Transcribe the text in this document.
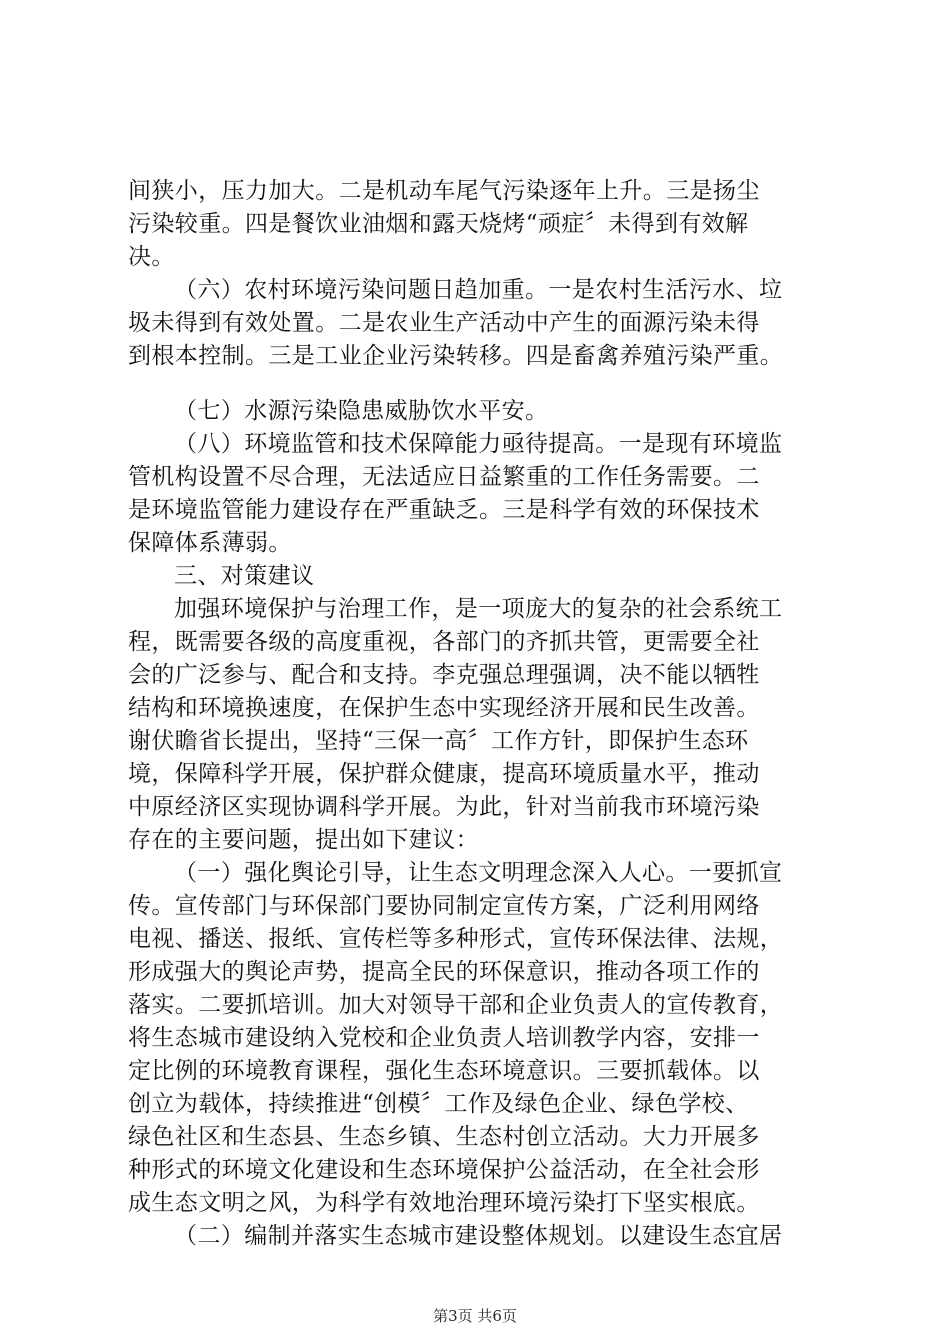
间狭小，压力加大。二是机动车尾气污染逐年上升。三是扬尘
污染较重。四是餐饮业油烟和露天烧烤“顽症〞未得到有效解
决。
（六）农村环境污染问题日趋加重。一是农村生活污水、垃
圾未得到有效处置。二是农业生产活动中产生的面源污染未得
到根本控制。三是工业企业污染转移。四是畜禽养殖污染严重。
（七）水源污染隐患威胁饮水平安。
（八）环境监管和技术保障能力亟待提高。一是现有环境监
管机构设置不尽合理，无法适应日益繁重的工作任务需要。二
是环境监管能力建设存在严重缺乏。三是科学有效的环保技术
保障体系薄弱。
三、对策建议
加强环境保护与治理工作，是一项庞大的复杂的社会系统工
程，既需要各级的高度重视，各部门的齐抓共管，更需要全社
会的广泛参与、配合和支持。李克强总理强调，决不能以牺牲
结构和环境换速度，在保护生态中实现经济开展和民生改善。
谢伏瞻省长提出，坚持“三保一高〞工作方针，即保护生态环
境，保障科学开展，保护群众健康，提高环境质量水平，推动
中原经济区实现协调科学开展。为此，针对当前我市环境污染
存在的主要问题，提出如下建议：
（一）强化舆论引导，让生态文明理念深入人心。一要抓宣
传。宣传部门与环保部门要协同制定宣传方案，广泛利用网络
电视、播送、报纸、宣传栏等多种形式，宣传环保法律、法规，
形成强大的舆论声势，提高全民的环保意识，推动各项工作的
落实。二要抓培训。加大对领导干部和企业负责人的宣传教育，
将生态城市建设纳入党校和企业负责人培训教学内容，安排一
定比例的环境教育课程，强化生态环境意识。三要抓载体。以
创立为载体，持续推进“创模〞工作及绿色企业、绿色学校、
绿色社区和生态县、生态乡镇、生态村创立活动。大力开展多
种形式的环境文化建设和生态环境保护公益活动，在全社会形
成生态文明之风，为科学有效地治理环境污染打下坚实根底。
（二）编制并落实生态城市建设整体规划。以建设生态宜居
第3页 共6页
